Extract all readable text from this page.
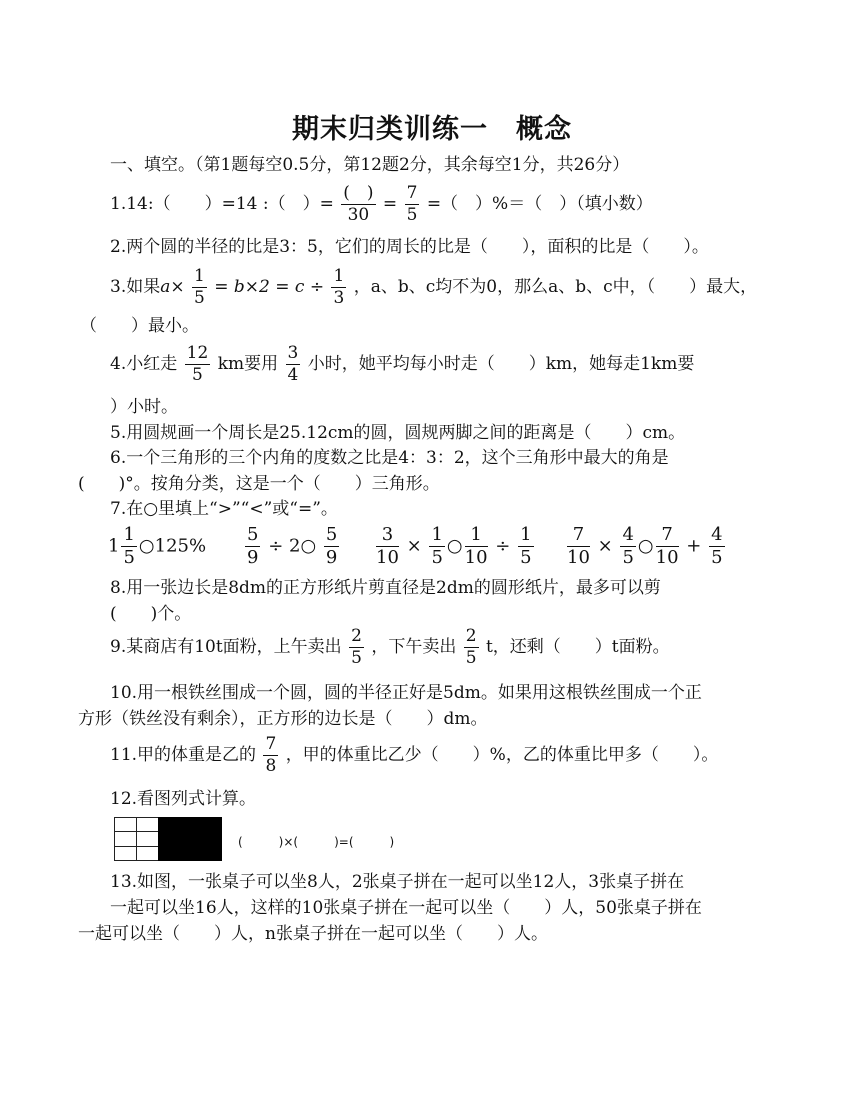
期末归类训练一　概念
一、填空。（第1题每空0.5分，第12题2分，其余每空1分，共26分）
1.14:（　　）=14 :（　）= $\frac{( )}{30} = \frac{7}{5}$ =（　）%＝（　）（填小数）
2.两个圆的半径的比是3：5，它们的周长的比是（　　），面积的比是（　　）。
3.如果$a\times \frac{1}{5} = b\times 2 = c \div \frac{1}{3}$ ，a、b、c均不为0，那么a、b、c中，（　　）最大，
（　　）最小。
4.小红走 $\frac{12}{5}$ km要用 $\frac{3}{4}$ 小时，她平均每小时走（　　）km，她每走1km要
）小时。
5.用圆规画一个周长是25.12cm的圆，圆规两脚之间的距离是（　　）cm。
6.一个三角形的三个内角的度数之比是4：3：2，这个三角形中最大的角是
(　　)°。按角分类，这是一个（　　）三角形。
7.在○里填上“>”“<”或“=”。
$1 \frac{1}{5}$ ○125% $\frac{5}{9}$ ÷ 2○ $\frac{5}{9} \frac{3}{10} \times \frac{1}{5}$ ○ $\frac{1}{10} \div \frac{1}{5} \frac{7}{10} \times \frac{4}{5}$ ○ $\frac{7}{10} + \frac{4}{5}$
8.用一张边长是8dm的正方形纸片剪直径是2dm的圆形纸片，最多可以剪
(　　)个。
9.某商店有10t面粉，上午卖出 $\frac{2}{5}$ ，下午卖出 $\frac{2}{5}$ t，还剩（　　）t面粉。
10.用一根铁丝围成一个圆，圆的半径正好是5dm。如果用这根铁丝围成一个正
方形（铁丝没有剩余），正方形的边长是（　　）dm。
11.甲的体重是乙的 $\frac{7}{8}$ ，甲的体重比乙少（　　）%，乙的体重比甲多（　　）。
12.看图列式计算。
(　　　)×(　　　)=(　　　)
13.如图，一张桌子可以坐8人，2张桌子拼在一起可以坐12人，3张桌子拼在
一起可以坐16人，这样的10张桌子拼在一起可以坐（　　）人，50张桌子拼在
一起可以坐（　　）人，n张桌子拼在一起可以坐（　　）人。
